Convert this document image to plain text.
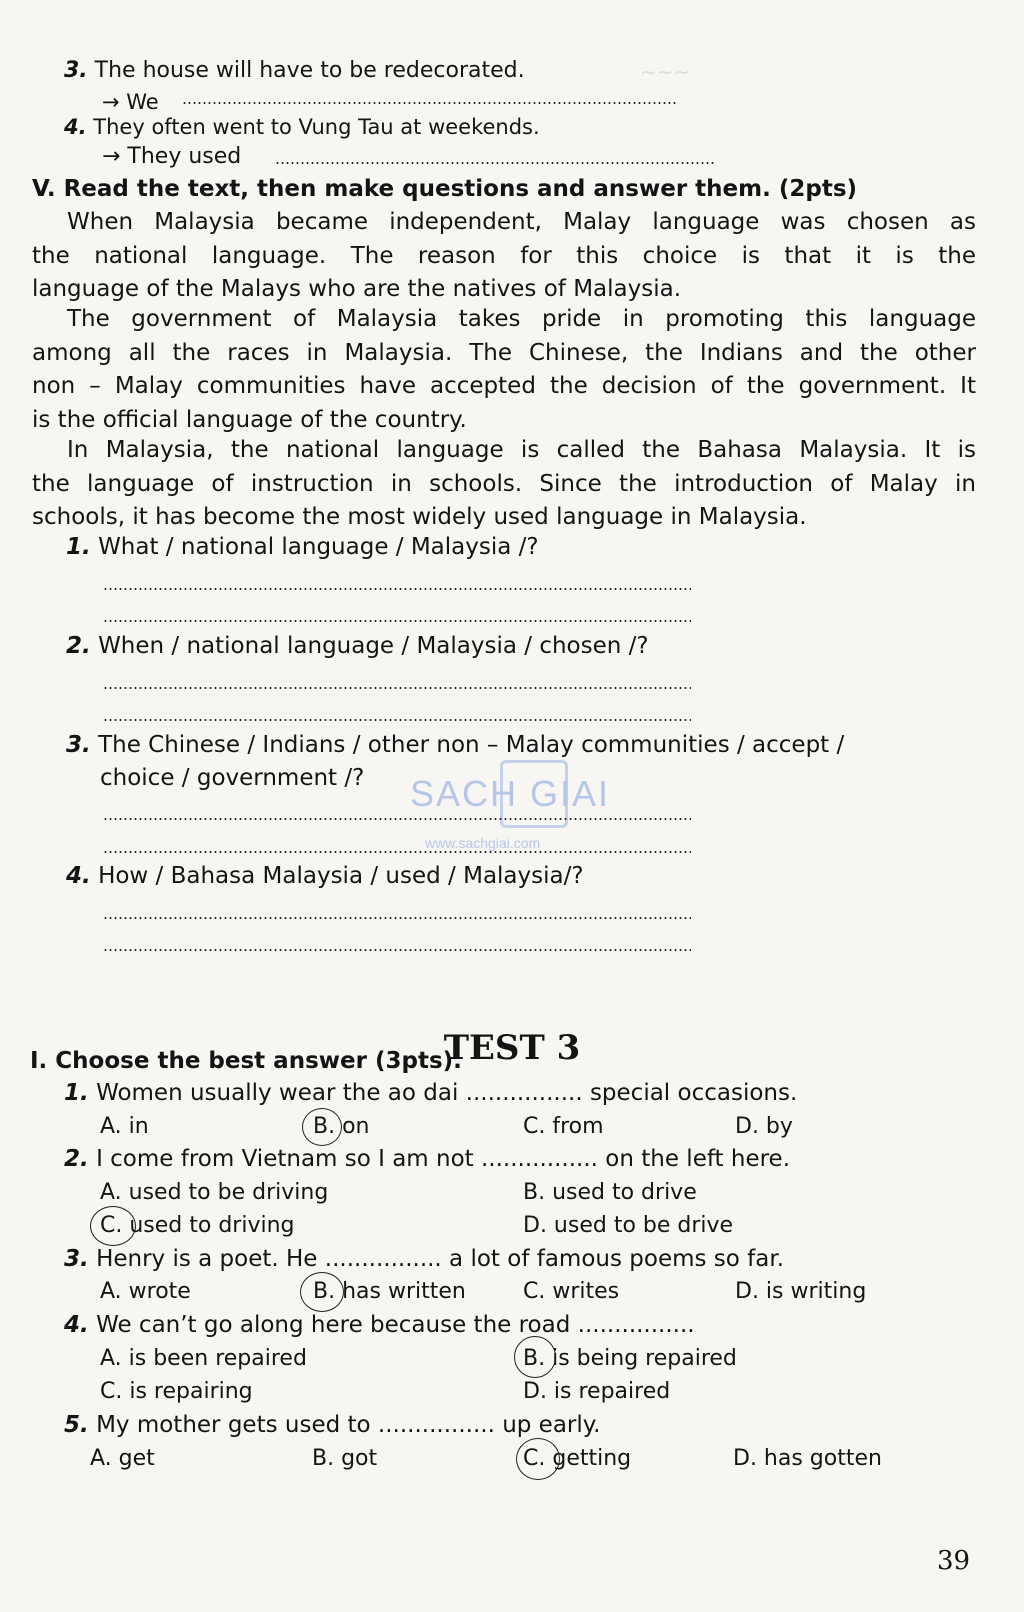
~~~
3. The house will have to be redecorated.
→ We
4. They often went to Vung Tau at weekends.
→ They used
V. Read the text, then make questions and answer them. (2pts)
When Malaysia became independent, Malay language was chosen as
the national language. The reason for this choice is that it is the
language of the Malays who are the natives of Malaysia.
The government of Malaysia takes pride in promoting this language
among all the races in Malaysia. The Chinese, the Indians and the other
non – Malay communities have accepted the decision of the government. It
is the official language of the country.
In Malaysia, the national language is called the Bahasa Malaysia. It is
the language of instruction in schools. Since the introduction of Malay in
schools, it has become the most widely used language in Malaysia.
1. What / national language / Malaysia /?
2. When / national language / Malaysia / chosen /?
3. The Chinese / Indians / other non – Malay communities / accept /
choice / government /? SACH GIAI
www.sachgiai.com
4. How / Bahasa Malaysia / used / Malaysia/?
TEST 3
I. Choose the best answer (3pts).
1. Women usually wear the ao dai ................ special occasions.
A. in	B. on	C. from	D. by
2. I come from Vietnam so I am not ................ on the left here.
A. used to be driving	B. used to drive
C. used to driving	D. used to be drive
3. Henry is a poet. He ................ a lot of famous poems so far.
A. wrote	B. has written	C. writes	D. is writing
4. We can’t go along here because the road ................
A. is been repaired	B. is being repaired
C. is repairing	D. is repaired
5. My mother gets used to ................ up early.
A. get	B. got	C. getting	D. has gotten
39
